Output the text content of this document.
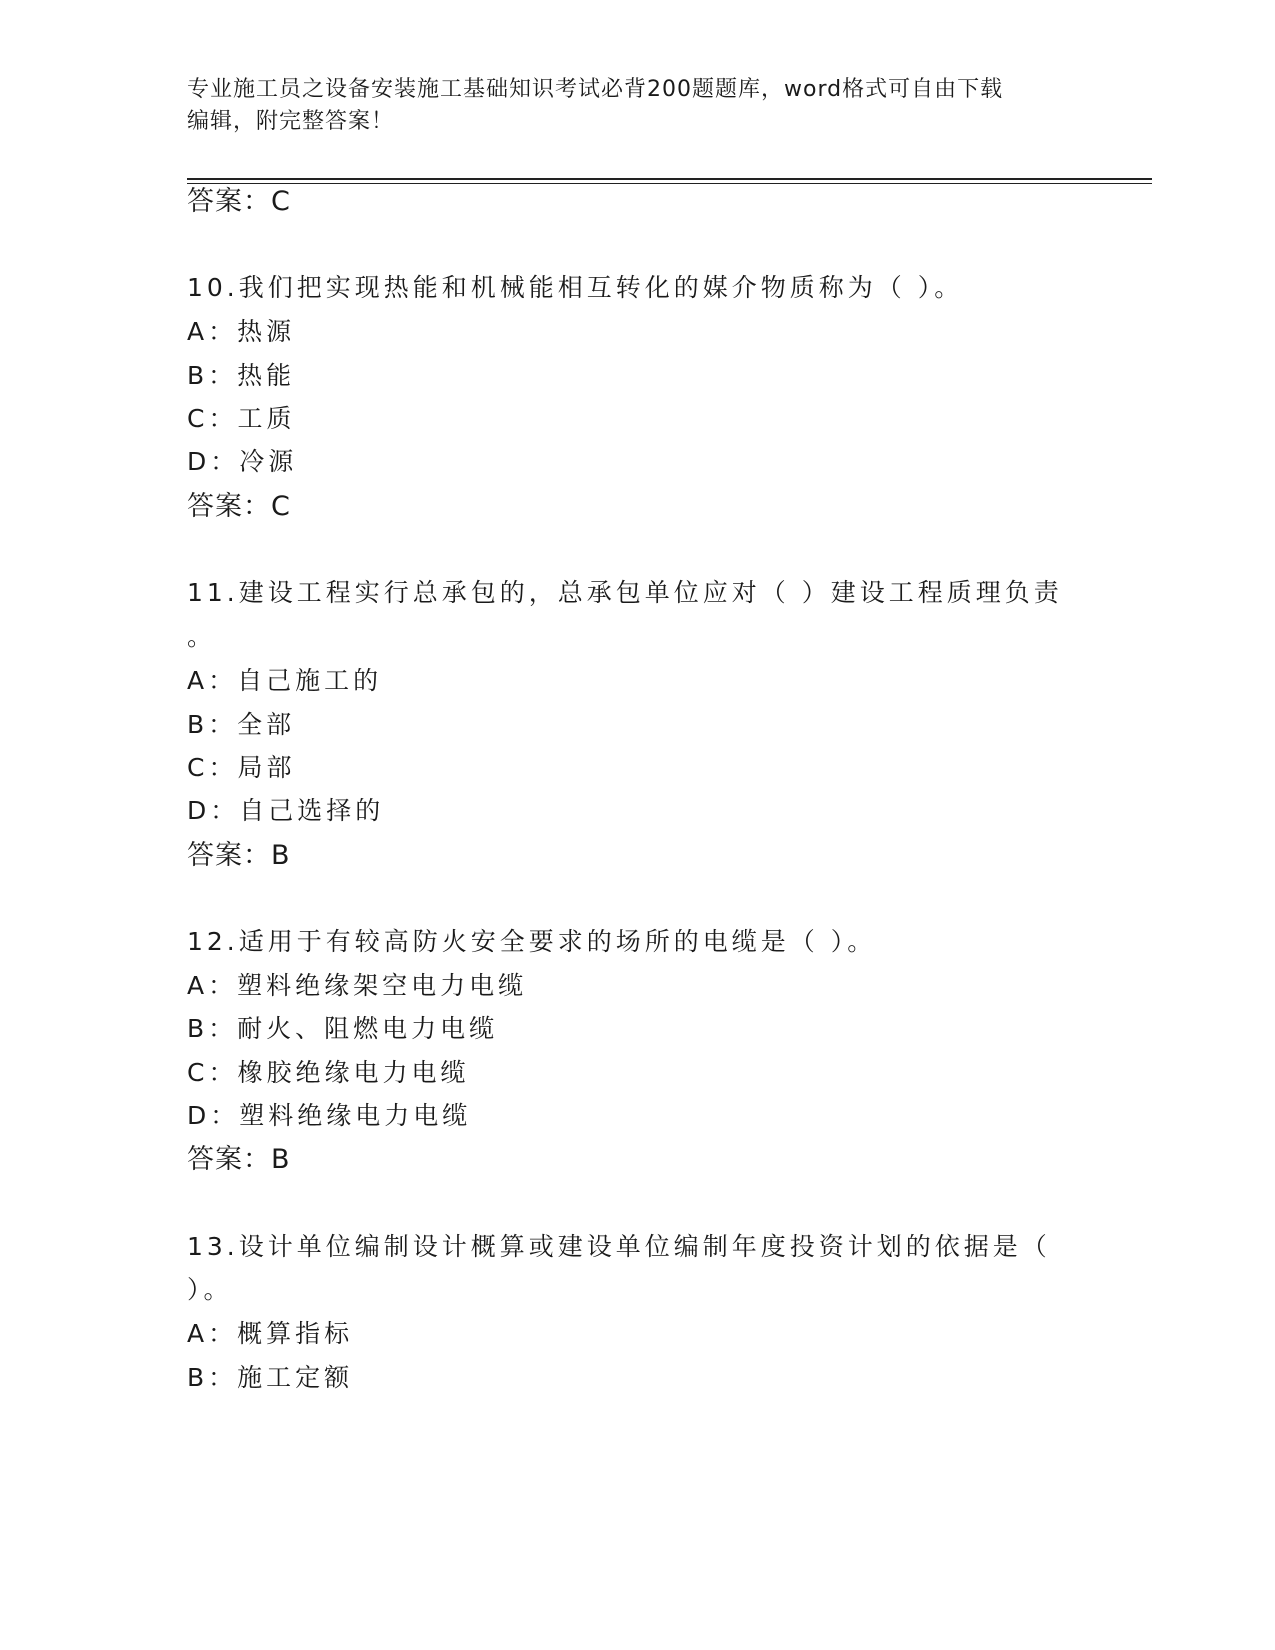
专业施工员之设备安装施工基础知识考试必背200题题库，word格式可自由下载
编辑，附完整答案！
答案：C
10.我们把实现热能和机械能相互转化的媒介物质称为（ ）。
A：热源
B：热能
C：工质
D：冷源
答案：C
11.建设工程实行总承包的，总承包单位应对（ ）建设工程质理负责
。
A：自己施工的
B：全部
C：局部
D：自己选择的
答案：B
12.适用于有较高防火安全要求的场所的电缆是（ ）。
A：塑料绝缘架空电力电缆
B：耐火、阻燃电力电缆
C：橡胶绝缘电力电缆
D：塑料绝缘电力电缆
答案：B
13.设计单位编制设计概算或建设单位编制年度投资计划的依据是（
）。
A：概算指标
B：施工定额
